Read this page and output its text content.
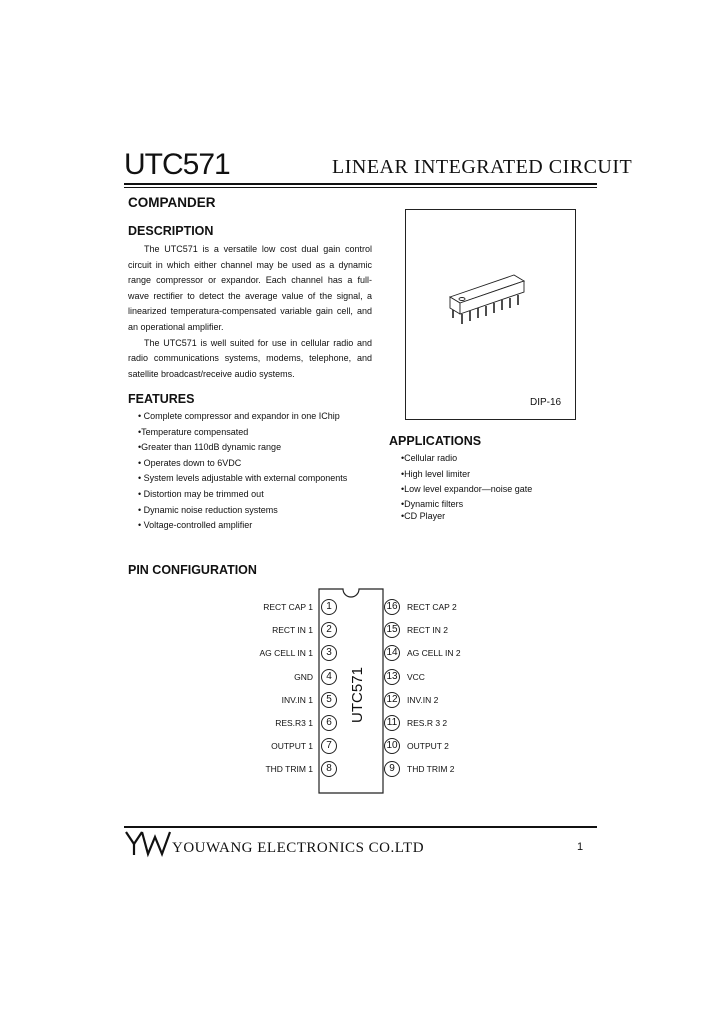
UTC571	LINEAR INTEGRATED CIRCUIT
COMPANDER
DESCRIPTION

The UTC571 is a versatile low cost dual gain control circuit in which either channel may be used as a dynamic range compressor or expandor. Each channel has a full-wave rectifier to detect the average value of the signal, a linearized temperatura-compensated variable gain cell, and an operational amplifier.

The UTC571 is well suited for use in cellular radio and radio communications systems, modems, telephone, and satellite broadcast/receive audio systems.

FEATURES
• Complete compressor and expandor in one IChip
•Temperature compensated
•Greater than 110dB dynamic range
• Operates down to 6VDC
• System levels adjustable with external components
• Distortion may be trimmed out
• Dynamic noise reduction systems
• Voltage-controlled amplifier
DIP-16
APPLICATIONS
•Cellular radio
•High level limiter
•Low level expandor—noise gate
•Dynamic filters
•CD Player
PIN CONFIGURATION
UTC571
1
RECT CAP 1
2
RECT IN 1
3
AG CELL IN 1
4
GND
5
INV.IN 1
6
RES.R3 1
7
OUTPUT 1
8
THD TRIM 1
16 RECT CAP 2
15 RECT IN 2
14 AG CELL IN 2
13 VCC
12 INV.IN 2
11	RES.R 3 2
10 OUTPUT 2
9	THD TRIM 2
YOUWANG ELECTRONICS CO.LTD	1
